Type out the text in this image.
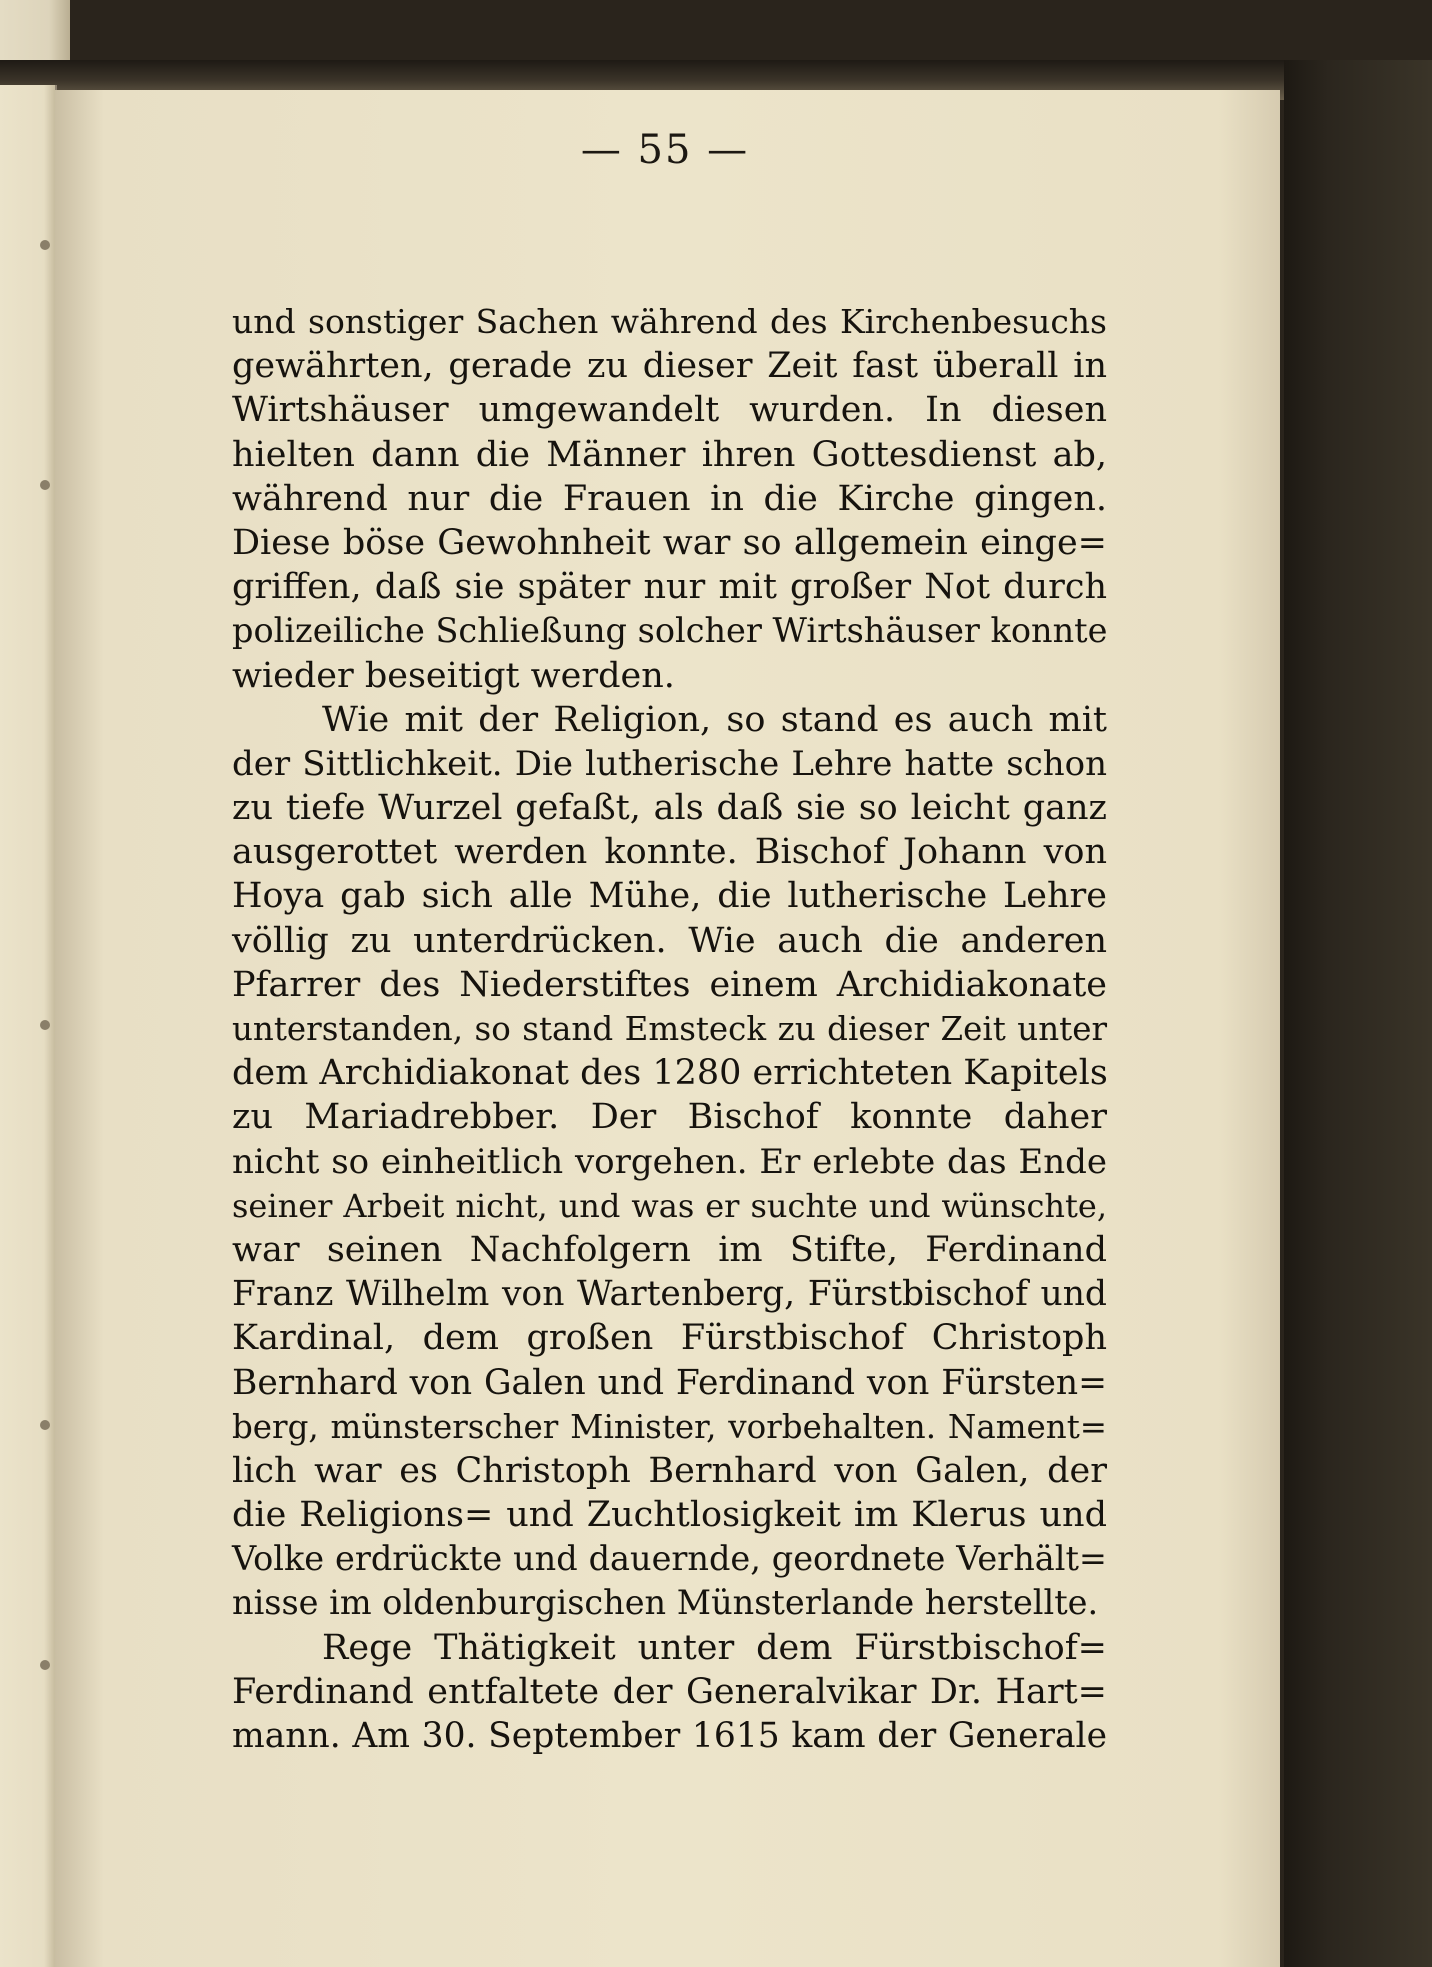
— 55 —
und sonstiger Sachen während des Kirchenbesuchs
gewährten, gerade zu dieser Zeit fast überall in
Wirtshäuser umgewandelt wurden. In diesen
hielten dann die Männer ihren Gottesdienst ab,
während nur die Frauen in die Kirche gingen.
Diese böse Gewohnheit war so allgemein einge=
griffen, daß sie später nur mit großer Not durch
polizeiliche Schließung solcher Wirtshäuser konnte
wieder beseitigt werden.
Wie mit der Religion, so stand es auch mit
der Sittlichkeit. Die lutherische Lehre hatte schon
zu tiefe Wurzel gefaßt, als daß sie so leicht ganz
ausgerottet werden konnte. Bischof Johann von
Hoya gab sich alle Mühe, die lutherische Lehre
völlig zu unterdrücken. Wie auch die anderen
Pfarrer des Niederstiftes einem Archidiakonate
unterstanden, so stand Emsteck zu dieser Zeit unter
dem Archidiakonat des 1280 errichteten Kapitels
zu Mariadrebber. Der Bischof konnte daher
nicht so einheitlich vorgehen. Er erlebte das Ende
seiner Arbeit nicht, und was er suchte und wünschte,
war seinen Nachfolgern im Stifte, Ferdinand
Franz Wilhelm von Wartenberg, Fürstbischof und
Kardinal, dem großen Fürstbischof Christoph
Bernhard von Galen und Ferdinand von Fürsten=
berg, münsterscher Minister, vorbehalten. Nament=
lich war es Christoph Bernhard von Galen, der
die Religions= und Zuchtlosigkeit im Klerus und
Volke erdrückte und dauernde, geordnete Verhält=
nisse im oldenburgischen Münsterlande herstellte.
Rege Thätigkeit unter dem Fürstbischof=
Ferdinand entfaltete der Generalvikar Dr. Hart=
mann. Am 30. September 1615 kam der Generale
